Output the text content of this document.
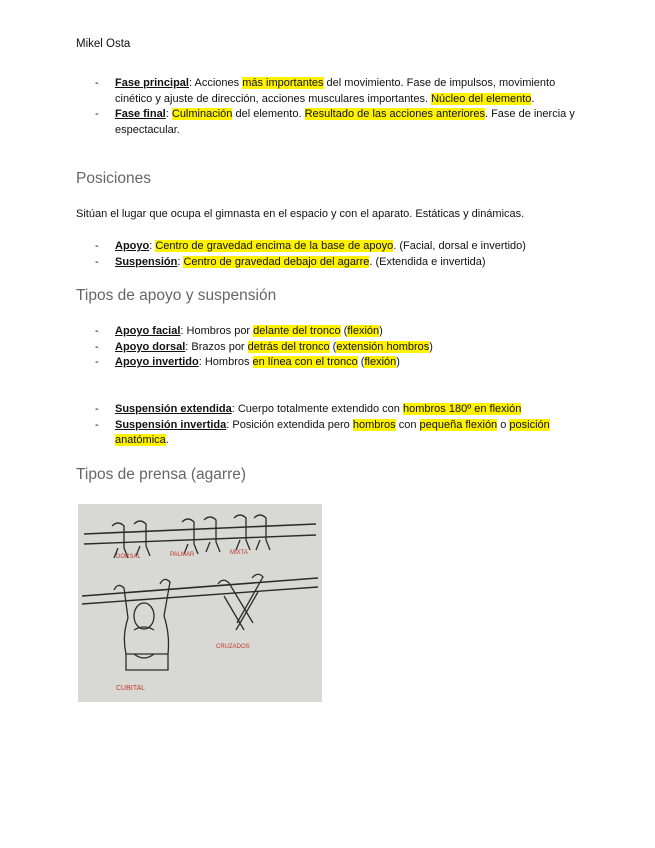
Mikel Osta
- Fase principal: Acciones más importantes del movimiento. Fase de impulsos, movimiento cinético y ajuste de dirección, acciones musculares importantes. Núcleo del elemento.
- Fase final: Culminación del elemento. Resultado de las acciones anteriores. Fase de inercia y espectacular.
Posiciones

Sitúan el lugar que ocupa el gimnasta en el espacio y con el aparato. Estáticas y dinámicas.

- Apoyo: Centro de gravedad encima de la base de apoyo. (Facial, dorsal e invertido)
- Suspensión: Centro de gravedad debajo del agarre. (Extendida e invertida)
Tipos de apoyo y suspensión
- Apoyo facial: Hombros por delante del tronco (flexión)
- Apoyo dorsal: Brazos por detrás del tronco (extensión hombros)
- Apoyo invertido: Hombros en línea con el tronco (flexión)
- Suspensión extendida: Cuerpo totalmente extendido con hombros 180º en flexión
- Suspensión invertida: Posición extendida pero hombros con pequeña flexión o posición anatómica.
Tipos de prensa (agarre)
DORSAL	PALMAR	MIXTA
CUBITAL
CRUZADOS
